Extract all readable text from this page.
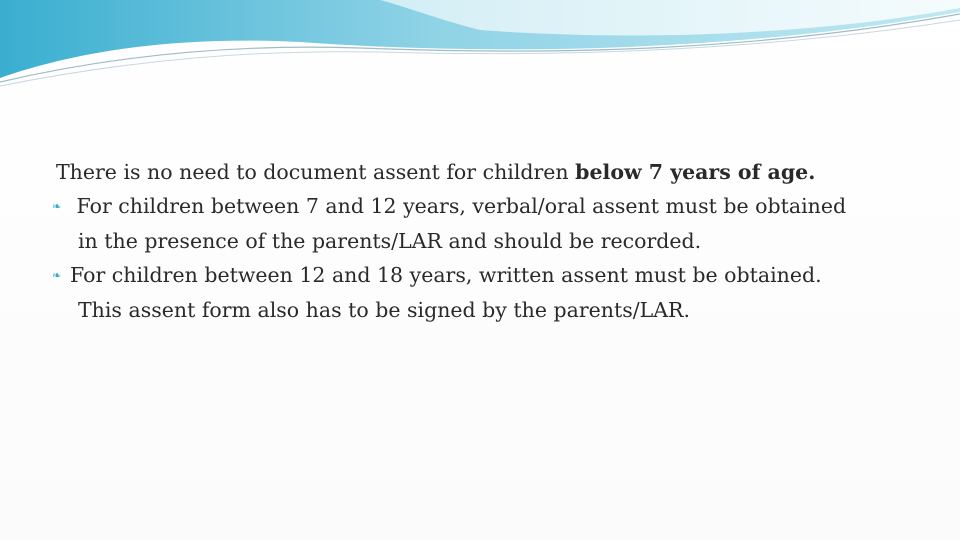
There is no need to document assent for children below 7 years of age.
❧ For children between 7 and 12 years, verbal/oral assent must be obtained
in the presence of the parents/LAR and should be recorded.
❧ For children between 12 and 18 years, written assent must be obtained.
This assent form also has to be signed by the parents/LAR.
